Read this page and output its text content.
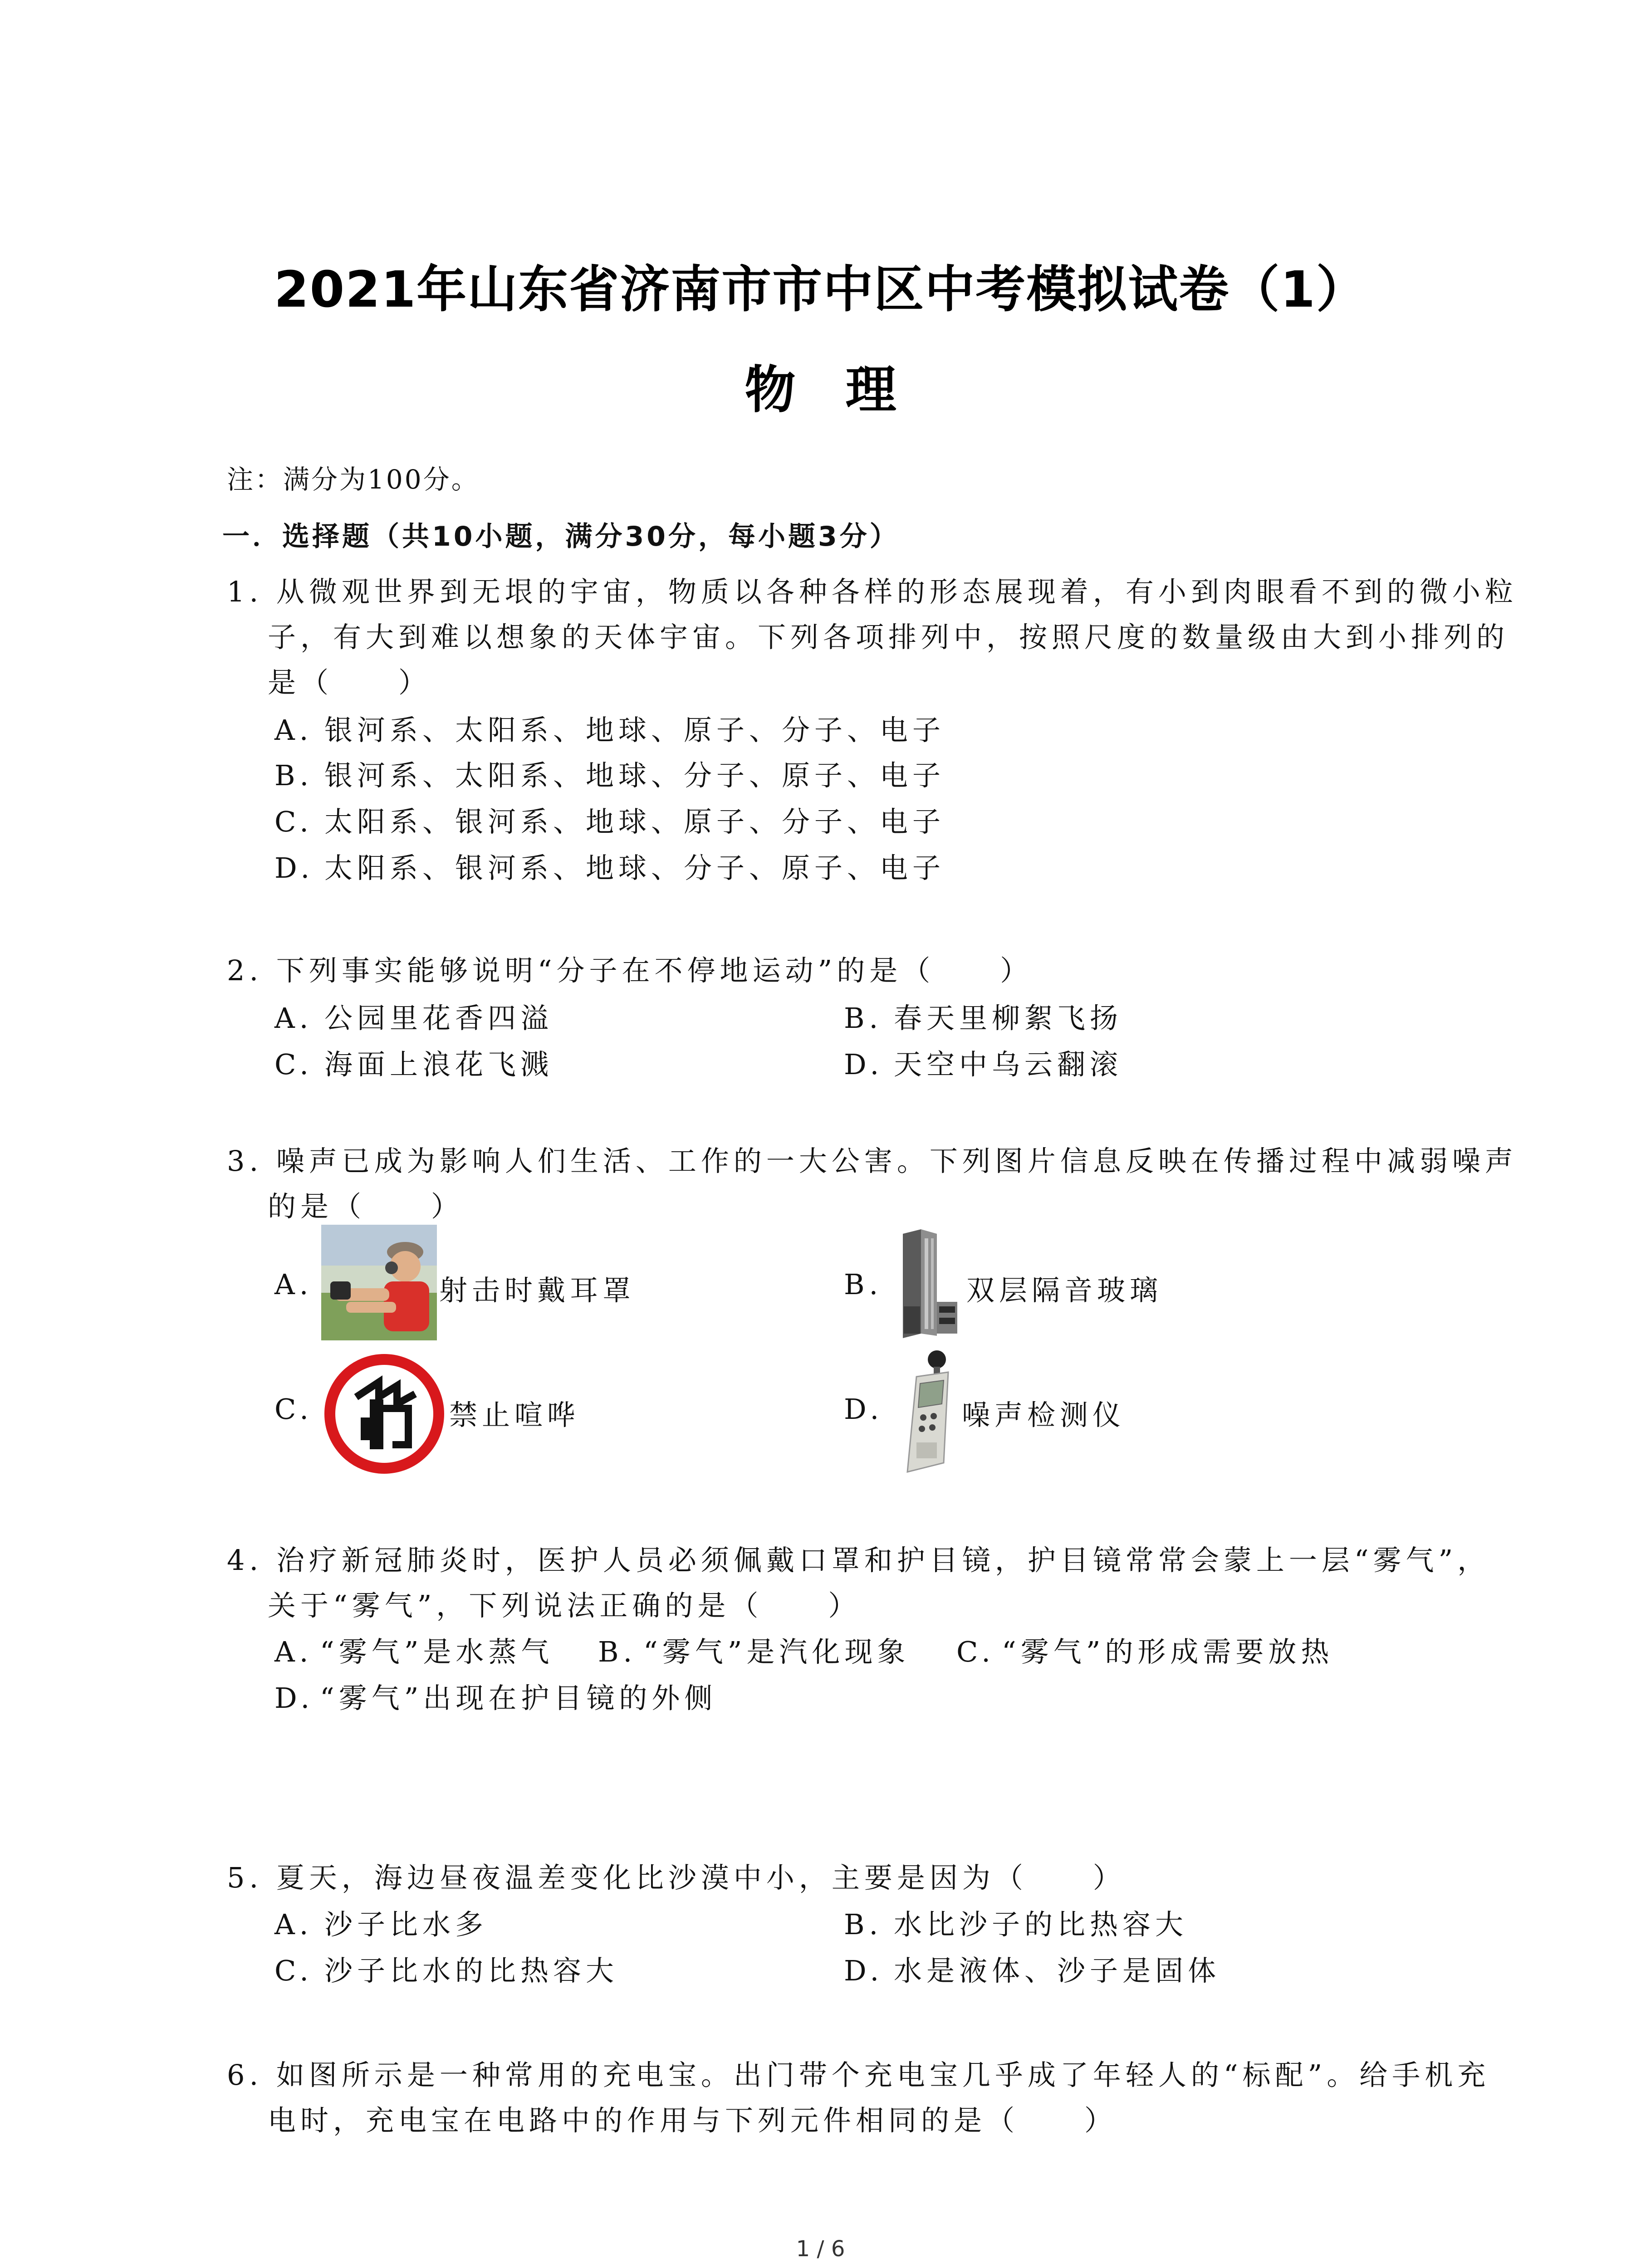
2021年山东省济南市市中区中考模拟试卷（1）
物理
注：满分为100分。
一．选择题（共10小题，满分30分，每小题3分）
1. 从微观世界到无垠的宇宙，物质以各种各样的形态展现着，有小到肉眼看不到的微小粒
子，有大到难以想象的天体宇宙。下列各项排列中，按照尺度的数量级由大到小排列的
是（　　）
A. 银河系、太阳系、地球、原子、分子、电子
B. 银河系、太阳系、地球、分子、原子、电子
C. 太阳系、银河系、地球、原子、分子、电子
D. 太阳系、银河系、地球、分子、原子、电子
2. 下列事实能够说明“分子在不停地运动”的是（　　）
A. 公园里花香四溢	B. 春天里柳絮飞扬
C. 海面上浪花飞溅	D. 天空中乌云翻滚
3. 噪声已成为影响人们生活、工作的一大公害。下列图片信息反映在传播过程中减弱噪声
的是（　　）
A.	射击时戴耳罩	B.	双层隔音玻璃
C.	禁止喧哗	D.	噪声检测仪
4. 治疗新冠肺炎时，医护人员必须佩戴口罩和护目镜，护目镜常常会蒙上一层“雾气”，
关于“雾气”，下列说法正确的是（　　）
A. “雾气”是水蒸气 B. “雾气”是汽化现象 C. “雾气”的形成需要放热
D. “雾气”出现在护目镜的外侧
5. 夏天，海边昼夜温差变化比沙漠中小，主要是因为（　　）
A. 沙子比水多	B. 水比沙子的比热容大
C. 沙子比水的比热容大	D. 水是液体、沙子是固体
6. 如图所示是一种常用的充电宝。出门带个充电宝几乎成了年轻人的“标配”。给手机充
电时，充电宝在电路中的作用与下列元件相同的是（　　）
1 / 6
